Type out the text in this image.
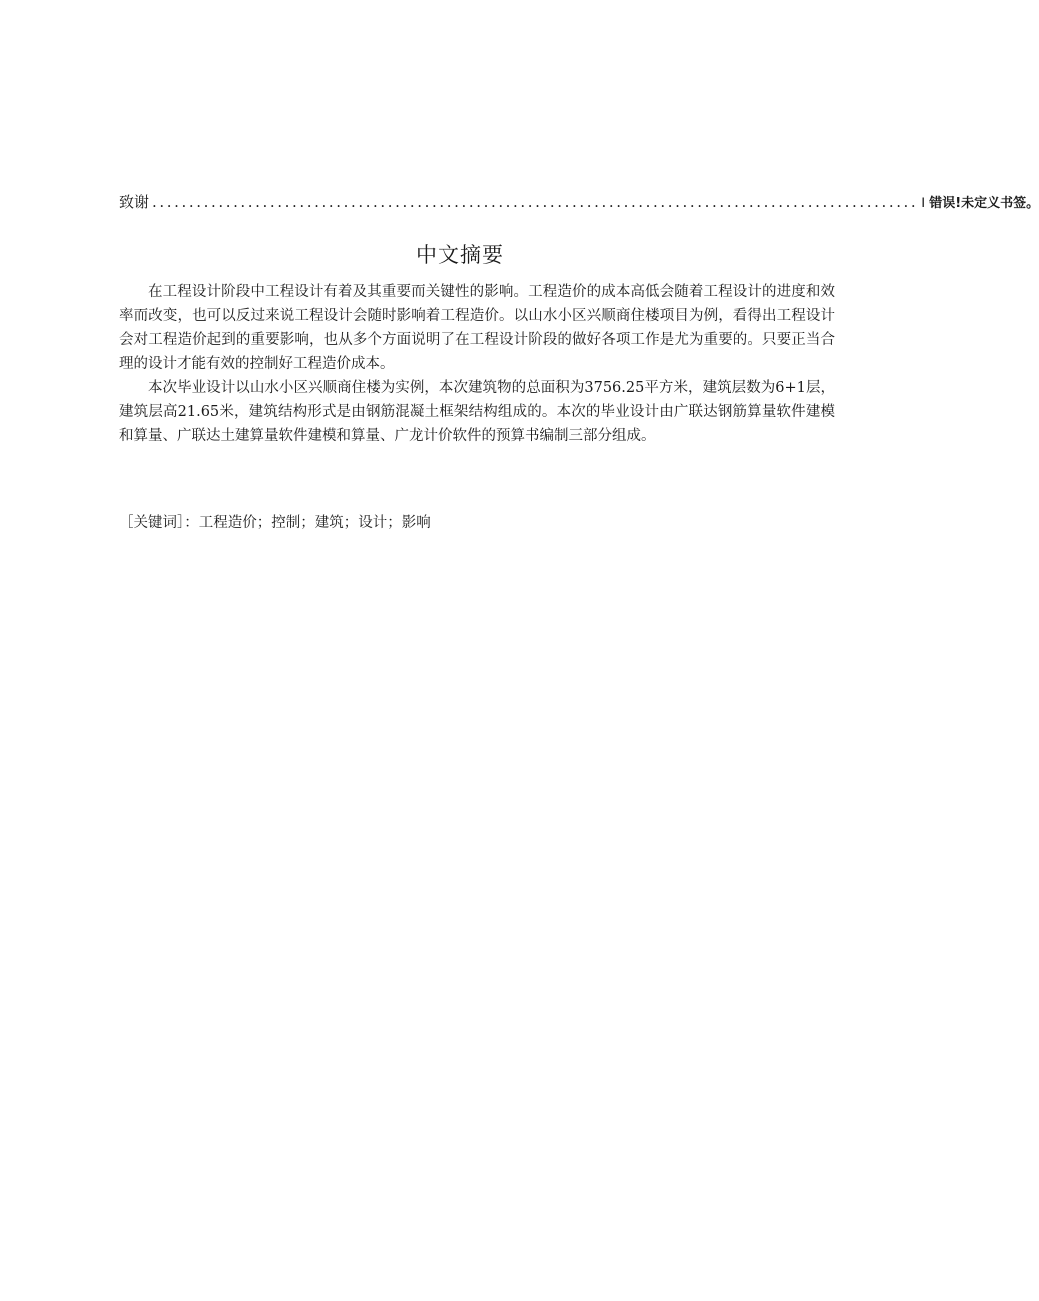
致谢 ........................................................................................................ I 错误!未定义书签。
中文摘要

在工程设计阶段中工程设计有着及其重要而关键性的影响。工程造价的成本高低会随着工程设计的进度和效率而改变，也可以反过来说工程设计会随时影响着工程造价。以山水小区兴顺商住楼项目为例，看得出工程设计会对工程造价起到的重要影响，也从多个方面说明了在工程设计阶段的做好各项工作是尤为重要的。只要正当合理的设计才能有效的控制好工程造价成本。

本次毕业设计以山水小区兴顺商住楼为实例，本次建筑物的总面积为3756.25平方米，建筑层数为6+1层，建筑层高21.65米，建筑结构形式是由钢筋混凝土框架结构组成的。本次的毕业设计由广联达钢筋算量软件建模和算量、广联达土建算量软件建模和算量、广龙计价软件的预算书编制三部分组成。

［关键词］：工程造价；控制；建筑；设计；影响
